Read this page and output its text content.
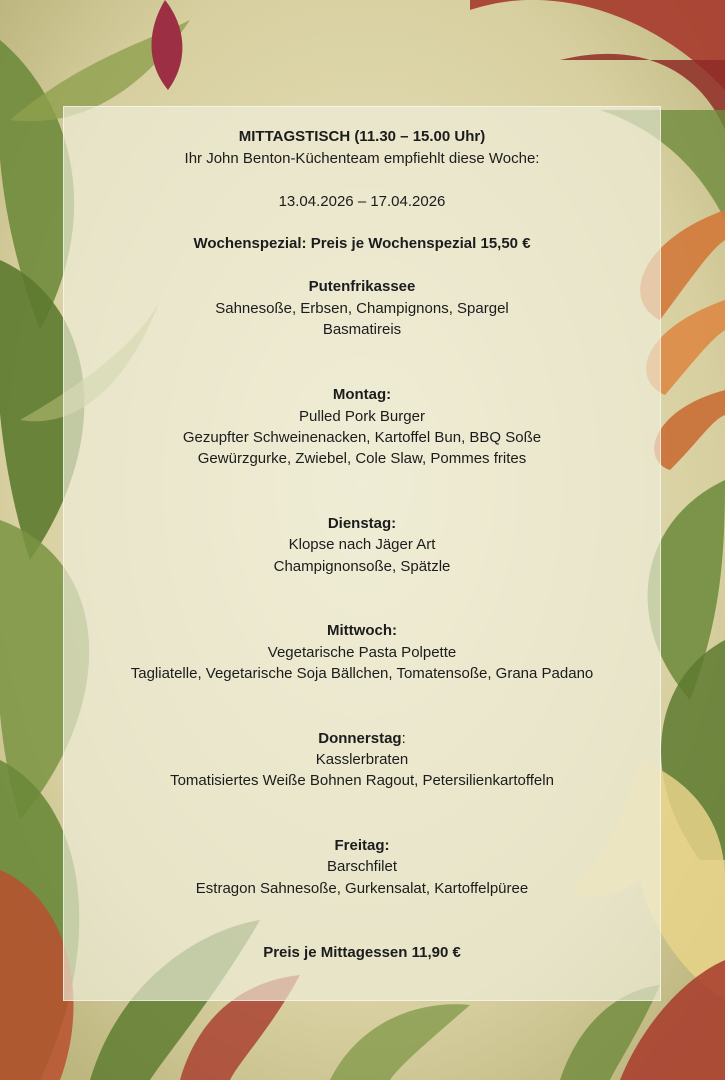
MITTAGSTISCH (11.30 – 15.00 Uhr)
Ihr John Benton-Küchenteam empfiehlt diese Woche:
13.04.2026 – 17.04.2026
Wochenspezial: Preis je Wochenspezial 15,50 €
Putenfrikassee
Sahnesoße, Erbsen, Champignons, Spargel
Basmatireis
Montag:
Pulled Pork Burger
Gezupfter Schweinenacken, Kartoffel Bun, BBQ Soße
Gewürzgurke, Zwiebel, Cole Slaw, Pommes frites
Dienstag:
Klopse nach Jäger Art
Champignonsoße, Spätzle
Mittwoch:
Vegetarische Pasta Polpette
Tagliatelle, Vegetarische Soja Bällchen, Tomatensoße, Grana Padano
Donnerstag:
Kasslerbraten
Tomatisiertes Weiße Bohnen Ragout, Petersilienkartoffeln
Freitag:
Barschfilet
Estragon Sahnesoße, Gurkensalat, Kartoffelpüree
Preis je Mittagessen 11,90 €
